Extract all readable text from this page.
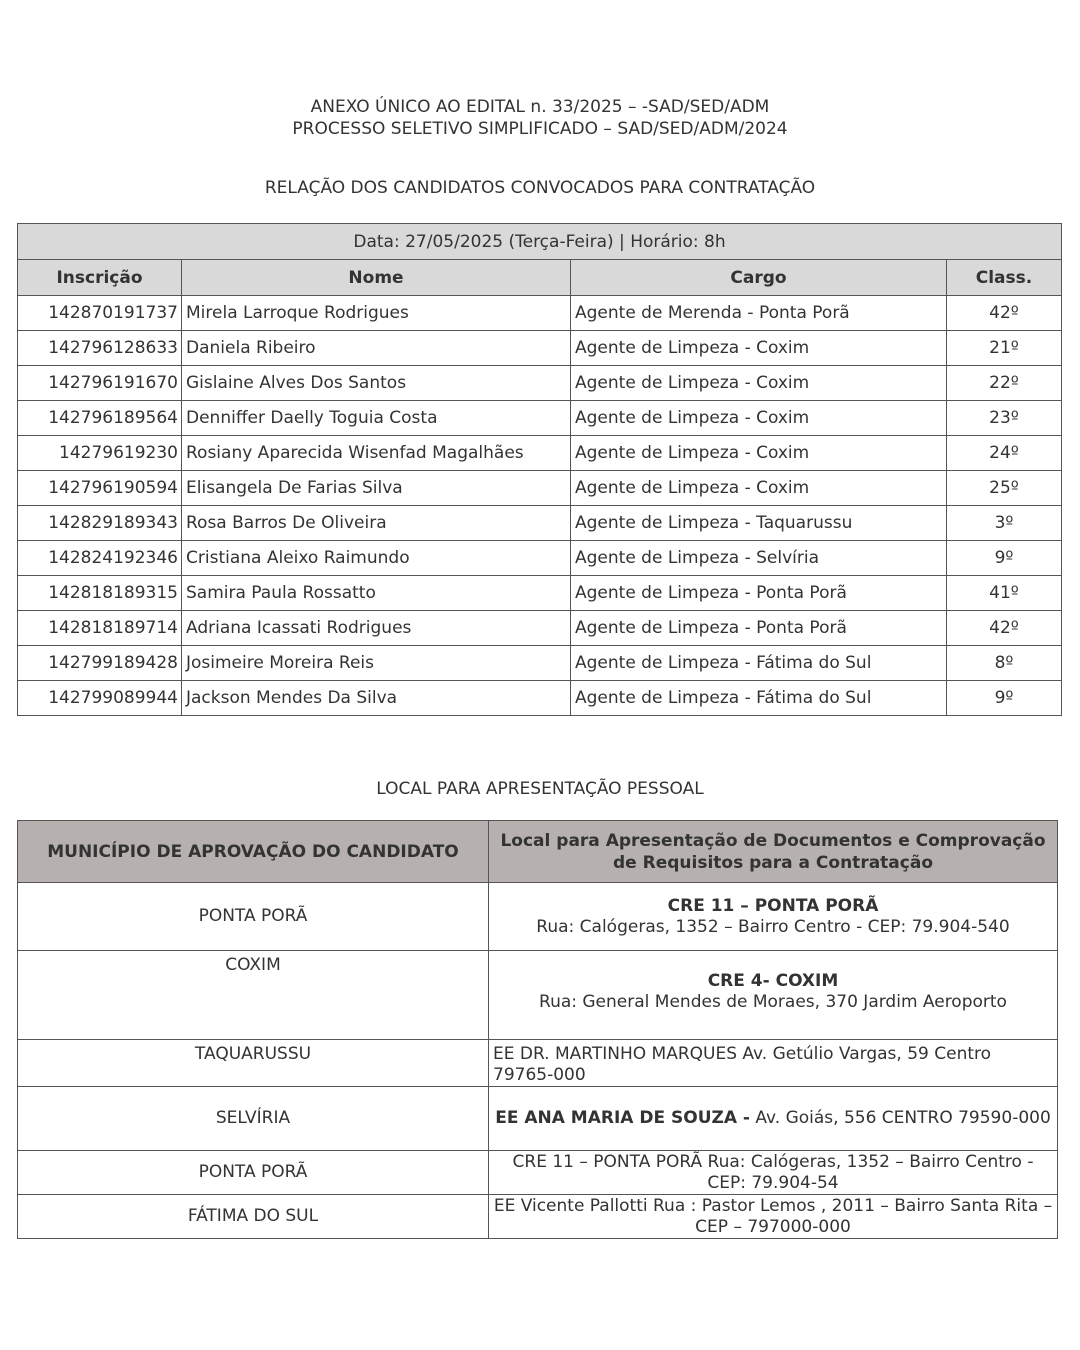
ANEXO ÚNICO AO EDITAL n. 33/2025 – -SAD/SED/ADM
PROCESSO SELETIVO SIMPLIFICADO – SAD/SED/ADM/2024
RELAÇÃO DOS CANDIDATOS CONVOCADOS PARA CONTRATAÇÃO
Data: 27/05/2025 (Terça-Feira) | Horário: 8h			
Inscrição	Nome	Cargo	Class.
142870191737	Mirela Larroque Rodrigues	Agente de Merenda - Ponta Porã	42º
142796128633	Daniela Ribeiro	Agente de Limpeza - Coxim	21º
142796191670	Gislaine Alves Dos Santos	Agente de Limpeza - Coxim	22º
142796189564	Denniffer Daelly Toguia Costa	Agente de Limpeza - Coxim	23º
14279619230	Rosiany Aparecida Wisenfad Magalhães	Agente de Limpeza - Coxim	24º
142796190594	Elisangela De Farias Silva	Agente de Limpeza - Coxim	25º
142829189343	Rosa Barros De Oliveira	Agente de Limpeza - Taquarussu	3º
142824192346	Cristiana Aleixo Raimundo	Agente de Limpeza - Selvíria	9º
142818189315	Samira Paula Rossatto	Agente de Limpeza - Ponta Porã	41º
142818189714	Adriana Icassati Rodrigues	Agente de Limpeza - Ponta Porã	42º
142799189428	Josimeire Moreira Reis	Agente de Limpeza - Fátima do Sul	8º
142799089944	Jackson Mendes Da Silva	Agente de Limpeza - Fátima do Sul	9º
LOCAL PARA APRESENTAÇÃO PESSOAL
MUNICÍPIO DE APROVAÇÃO DO CANDIDATO	Local para Apresentação de Documentos e Comprovação de Requisitos para a Contratação
PONTA PORÃ	CRE 11 – PONTA PORÃ
Rua: Calógeras, 1352 – Bairro Centro - CEP: 79.904-540
COXIM	CRE 4- COXIM
Rua: General Mendes de Moraes, 370 Jardim Aeroporto
TAQUARUSSU	EE DR. MARTINHO MARQUES Av. Getúlio Vargas, 59 Centro 79765-000
SELVÍRIA	EE ANA MARIA DE SOUZA - Av. Goiás, 556 CENTRO 79590-000
PONTA PORÃ	CRE 11 – PONTA PORÃ Rua: Calógeras, 1352 – Bairro Centro - CEP: 79.904-54
FÁTIMA DO SUL	EE Vicente Pallotti Rua : Pastor Lemos , 2011 – Bairro Santa Rita – CEP – 797000-000
